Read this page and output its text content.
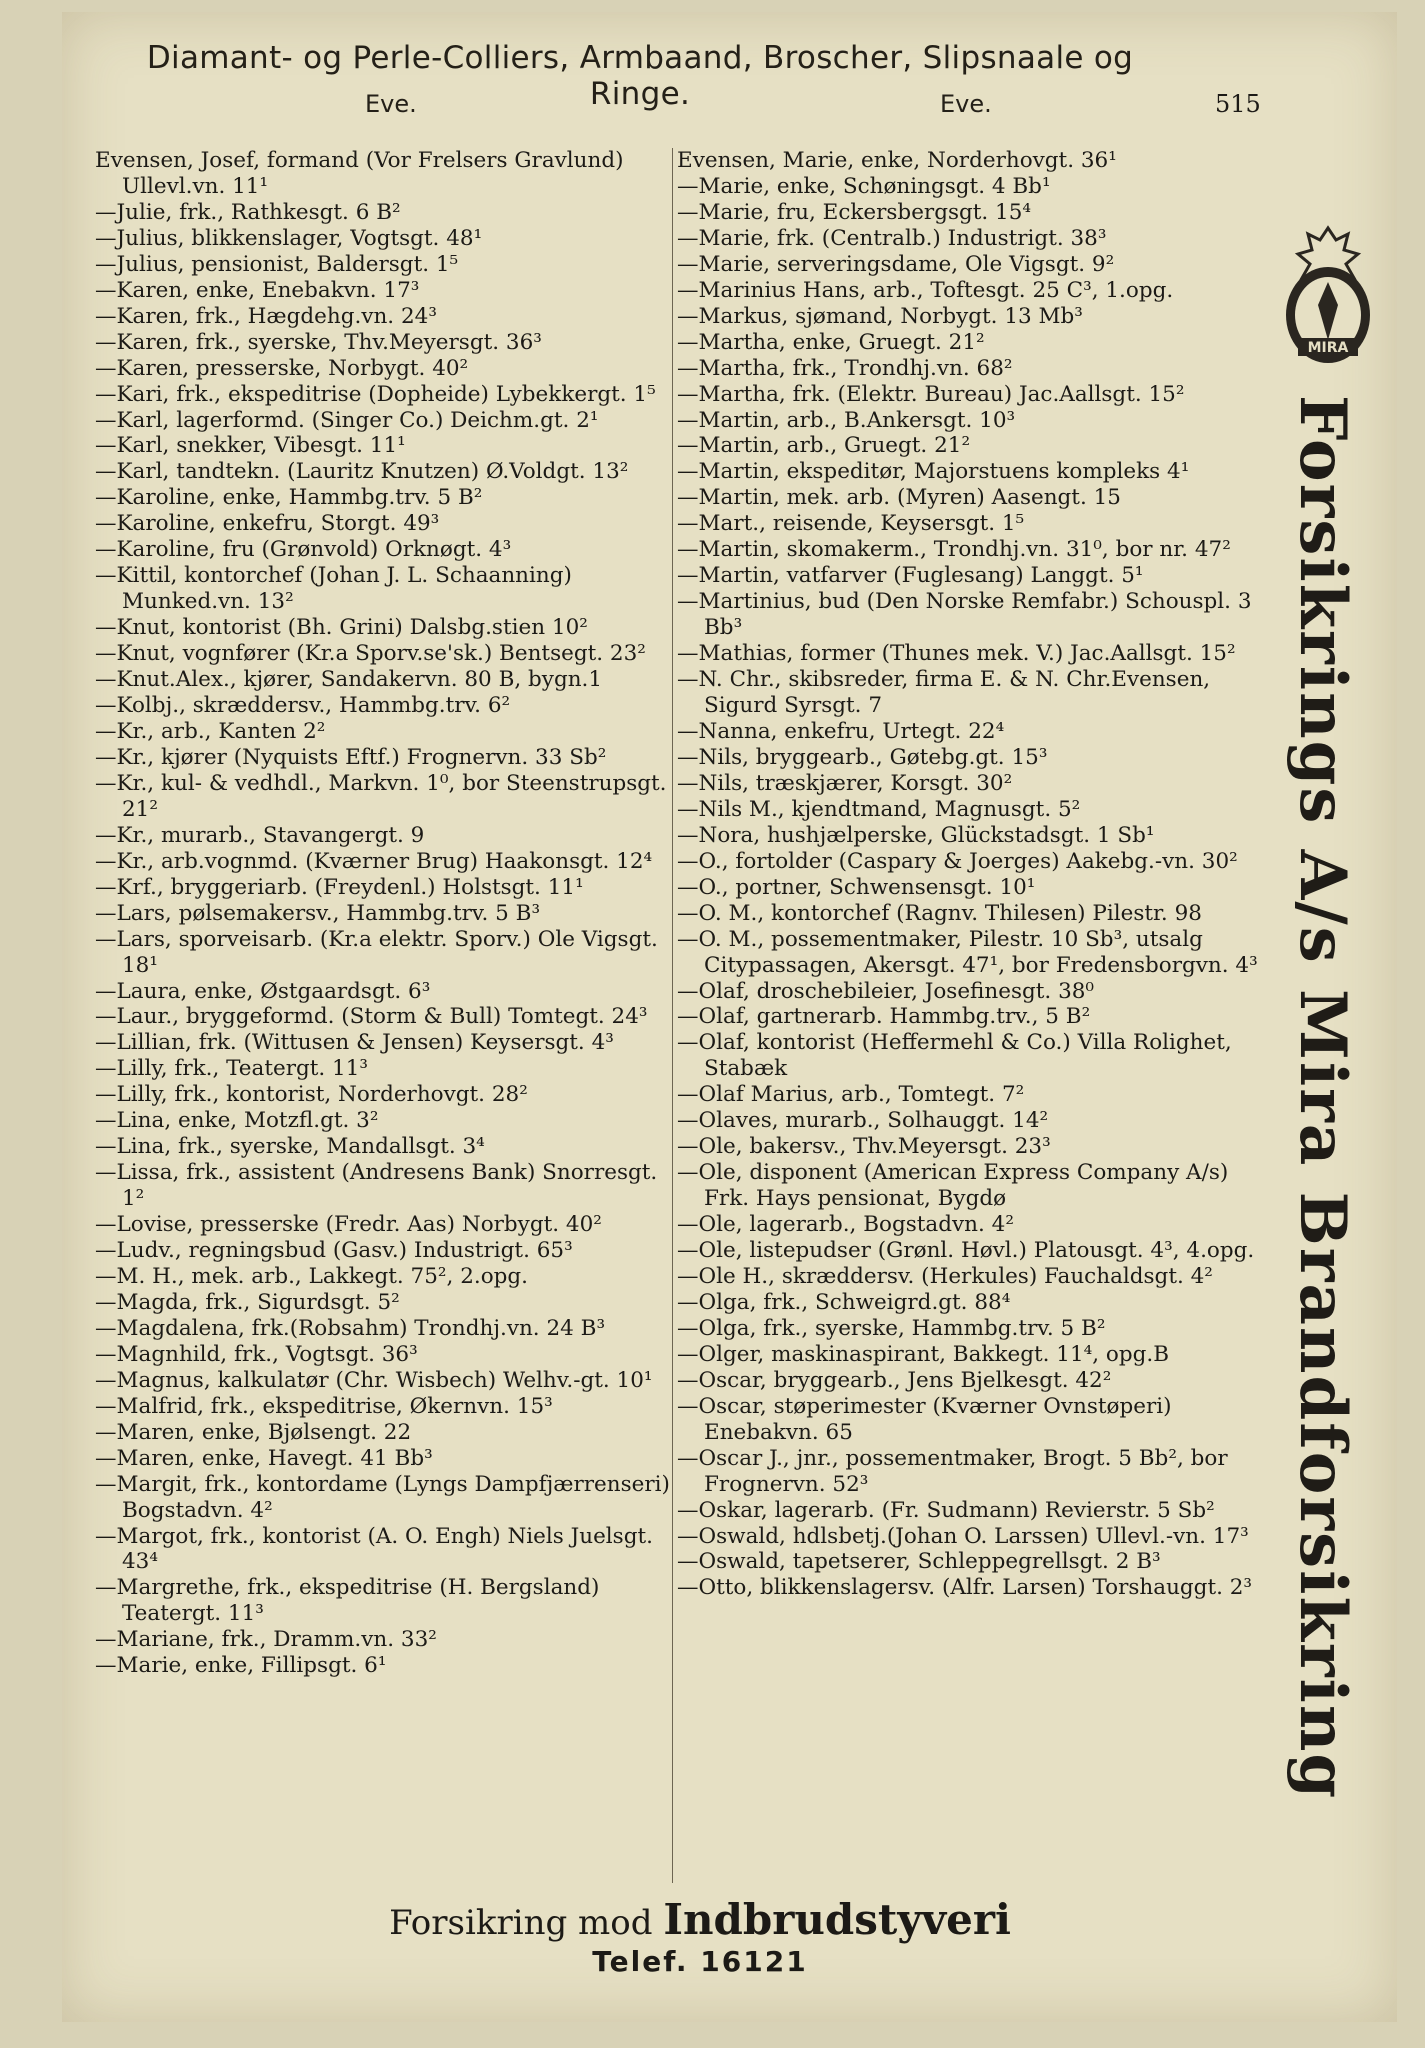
Diamant- og Perle-Colliers, Armbaand, Broscher, Slipsnaale og Ringe.
Eve.	Eve.	515

Evensen, Josef, formand (Vor Frelsers Gravlund) Ullevl.vn. 11¹

—Julie, frk., Rathkesgt. 6 B²

—Julius, blikkenslager, Vogtsgt. 48¹

—Julius, pensionist, Baldersgt. 1⁵

—Karen, enke, Enebakvn. 17³

—Karen, frk., Hægdehg.vn. 24³

—Karen, frk., syerske, Thv.Meyersgt. 36³

—Karen, presserske, Norbygt. 40²

—Kari, frk., ekspeditrise (Dopheide) Lybekkergt. 1⁵

—Karl, lagerformd. (Singer Co.) Deichm.gt. 2¹

—Karl, snekker, Vibesgt. 11¹

—Karl, tandtekn. (Lauritz Knutzen) Ø.Voldgt. 13²

—Karoline, enke, Hammbg.trv. 5 B²

—Karoline, enkefru, Storgt. 49³

—Karoline, fru (Grønvold) Orknøgt. 4³

—Kittil, kontorchef (Johan J. L. Schaanning) Munked.vn. 13²

—Knut, kontorist (Bh. Grini) Dalsbg.stien 10²

—Knut, vognfører (Kr.a Sporv.se'sk.) Bentsegt. 23²

—Knut.Alex., kjører, Sandakervn. 80 B, bygn.1

—Kolbj., skræddersv., Hammbg.trv. 6²

—Kr., arb., Kanten 2²

—Kr., kjører (Nyquists Eftf.) Frognervn. 33 Sb²

—Kr., kul- & vedhdl., Markvn. 1⁰, bor Steenstrupsgt. 21²

—Kr., murarb., Stavangergt. 9

—Kr., arb.vognmd. (Kværner Brug) Haakonsgt. 12⁴

—Krf., bryggeriarb. (Freydenl.) Holstsgt. 11¹

—Lars, pølsemakersv., Hammbg.trv. 5 B³

—Lars, sporveisarb. (Kr.a elektr. Sporv.) Ole Vigsgt. 18¹

—Laura, enke, Østgaardsgt. 6³

—Laur., bryggeformd. (Storm & Bull) Tomtegt. 24³

—Lillian, frk. (Wittusen & Jensen) Keysersgt. 4³

—Lilly, frk., Teatergt. 11³

—Lilly, frk., kontorist, Norderhovgt. 28²

—Lina, enke, Motzfl.gt. 3²

—Lina, frk., syerske, Mandallsgt. 3⁴

—Lissa, frk., assistent (Andresens Bank) Snorresgt. 1²

—Lovise, presserske (Fredr. Aas) Norbygt. 40²

—Ludv., regningsbud (Gasv.) Industrigt. 65³

—M. H., mek. arb., Lakkegt. 75², 2.opg.

—Magda, frk., Sigurdsgt. 5²

—Magdalena, frk.(Robsahm) Trondhj.vn. 24 B³

—Magnhild, frk., Vogtsgt. 36³

—Magnus, kalkulatør (Chr. Wisbech) Welhv.-gt. 10¹

—Malfrid, frk., ekspeditrise, Økernvn. 15³

—Maren, enke, Bjølsengt. 22

—Maren, enke, Havegt. 41 Bb³

—Margit, frk., kontordame (Lyngs Dampfjærrenseri) Bogstadvn. 4²

—Margot, frk., kontorist (A. O. Engh) Niels Juelsgt. 43⁴

—Margrethe, frk., ekspeditrise (H. Bergsland) Teatergt. 11³

—Mariane, frk., Dramm.vn. 33²

—Marie, enke, Fillipsgt. 6¹

Evensen, Marie, enke, Norderhovgt. 36¹

—Marie, enke, Schøningsgt. 4 Bb¹

—Marie, fru, Eckersbergsgt. 15⁴

—Marie, frk. (Centralb.) Industrigt. 38³

—Marie, serveringsdame, Ole Vigsgt. 9²

—Marinius Hans, arb., Toftesgt. 25 C³, 1.opg.

—Markus, sjømand, Norbygt. 13 Mb³

—Martha, enke, Gruegt. 21²

—Martha, frk., Trondhj.vn. 68²

—Martha, frk. (Elektr. Bureau) Jac.Aallsgt. 15²

—Martin, arb., B.Ankersgt. 10³

—Martin, arb., Gruegt. 21²

—Martin, ekspeditør, Majorstuens kompleks 4¹

—Martin, mek. arb. (Myren) Aasengt. 15

—Mart., reisende, Keysersgt. 1⁵

—Martin, skomakerm., Trondhj.vn. 31⁰, bor nr. 47²

—Martin, vatfarver (Fuglesang) Langgt. 5¹

—Martinius, bud (Den Norske Remfabr.) Schouspl. 3 Bb³

—Mathias, former (Thunes mek. V.) Jac.Aallsgt. 15²

—N. Chr., skibsreder, firma E. & N. Chr.Evensen, Sigurd Syrsgt. 7

—Nanna, enkefru, Urtegt. 22⁴

—Nils, bryggearb., Gøtebg.gt. 15³

—Nils, træskjærer, Korsgt. 30²

—Nils M., kjendtmand, Magnusgt. 5²

—Nora, hushjælperske, Glückstadsgt. 1 Sb¹

—O., fortolder (Caspary & Joerges) Aakebg.-vn. 30²

—O., portner, Schwensensgt. 10¹

—O. M., kontorchef (Ragnv. Thilesen) Pilestr. 98

—O. M., possementmaker, Pilestr. 10 Sb³, utsalg Citypassagen, Akersgt. 47¹, bor Fredensborgvn. 4³

—Olaf, droschebileier, Josefinesgt. 38⁰

—Olaf, gartnerarb. Hammbg.trv., 5 B²

—Olaf, kontorist (Heffermehl & Co.) Villa Rolighet, Stabæk

—Olaf Marius, arb., Tomtegt. 7²

—Olaves, murarb., Solhauggt. 14²

—Ole, bakersv., Thv.Meyersgt. 23³

—Ole, disponent (American Express Company A/s) Frk. Hays pensionat, Bygdø

—Ole, lagerarb., Bogstadvn. 4²

—Ole, listepudser (Grønl. Høvl.) Platousgt. 4³, 4.opg.

—Ole H., skræddersv. (Herkules) Fauchaldsgt. 4²

—Olga, frk., Schweigrd.gt. 88⁴

—Olga, frk., syerske, Hammbg.trv. 5 B²

—Olger, maskinaspirant, Bakkegt. 11⁴, opg.B

—Oscar, bryggearb., Jens Bjelkesgt. 42²

—Oscar, støperimester (Kværner Ovnstøperi) Enebakvn. 65

—Oscar J., jnr., possementmaker, Brogt. 5 Bb², bor Frognervn. 52³

—Oskar, lagerarb. (Fr. Sudmann) Revierstr. 5 Sb²

—Oswald, hdlsbetj.(Johan O. Larssen) Ullevl.-vn. 17³

—Oswald, tapetserer, Schleppegrellsgt. 2 B³

—Otto, blikkenslagersv. (Alfr. Larsen) Torshauggt. 2³

MIRA
Forsikrings A/s Mira Brandforsikring
Forsikring mod Indbrudstyveri
Telef. 16121
